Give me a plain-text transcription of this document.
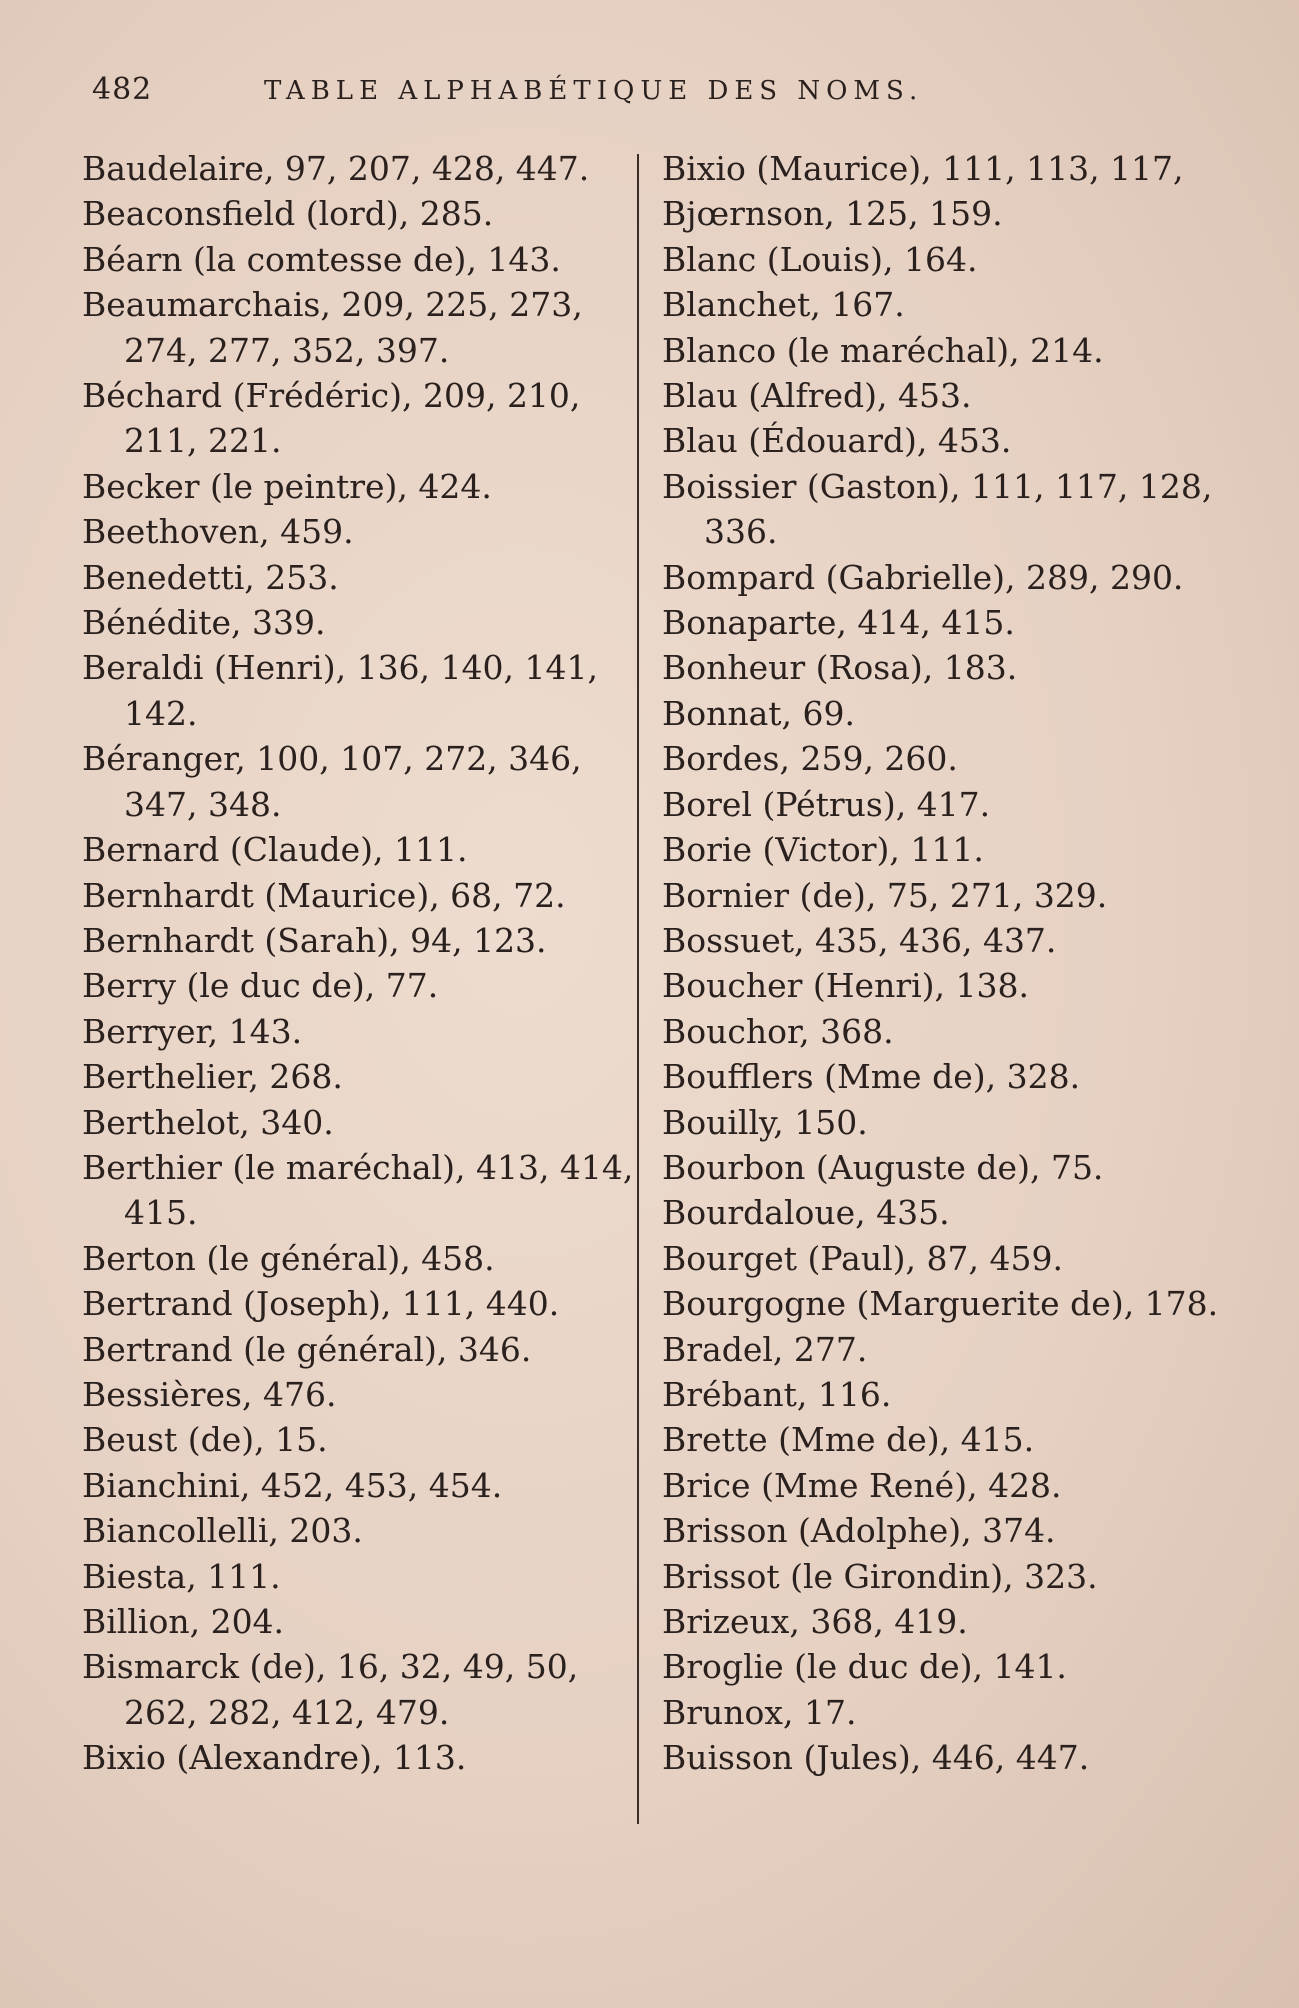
482	TABLE ALPHABÉTIQUE DES NOMS.
Baudelaire, 97, 207, 428, 447.
Beaconsfield (lord), 285.
Béarn (la comtesse de), 143.
Beaumarchais, 209, 225, 273, 274, 277, 352, 397.
Béchard (Frédéric), 209, 210, 211, 221.
Becker (le peintre), 424.
Beethoven, 459.
Benedetti, 253.
Bénédite, 339.
Beraldi (Henri), 136, 140, 141, 142.
Béranger, 100, 107, 272, 346, 347, 348.
Bernard (Claude), 111.
Bernhardt (Maurice), 68, 72.
Bernhardt (Sarah), 94, 123.
Berry (le duc de), 77.
Berryer, 143.
Berthelier, 268.
Berthelot, 340.
Berthier (le maréchal), 413, 414, 415.
Berton (le général), 458.
Bertrand (Joseph), 111, 440.
Bertrand (le général), 346.
Bessières, 476.
Beust (de), 15.
Bianchini, 452, 453, 454.
Biancollelli, 203.
Biesta, 111.
Billion, 204.
Bismarck (de), 16, 32, 49, 50, 262, 282, 412, 479.
Bixio (Alexandre), 113.
Bixio (Maurice), 111, 113, 117,
Bjœrnson, 125, 159.
Blanc (Louis), 164.
Blanchet, 167.
Blanco (le maréchal), 214.
Blau (Alfred), 453.
Blau (Édouard), 453.
Boissier (Gaston), 111, 117, 128, 336.
Bompard (Gabrielle), 289, 290.
Bonaparte, 414, 415.
Bonheur (Rosa), 183.
Bonnat, 69.
Bordes, 259, 260.
Borel (Pétrus), 417.
Borie (Victor), 111.
Bornier (de), 75, 271, 329.
Bossuet, 435, 436, 437.
Boucher (Henri), 138.
Bouchor, 368.
Boufflers (Mme de), 328.
Bouilly, 150.
Bourbon (Auguste de), 75.
Bourdaloue, 435.
Bourget (Paul), 87, 459.
Bourgogne (Marguerite de), 178.
Bradel, 277.
Brébant, 116.
Brette (Mme de), 415.
Brice (Mme René), 428.
Brisson (Adolphe), 374.
Brissot (le Girondin), 323.
Brizeux, 368, 419.
Broglie (le duc de), 141.
Brunox, 17.
Buisson (Jules), 446, 447.
